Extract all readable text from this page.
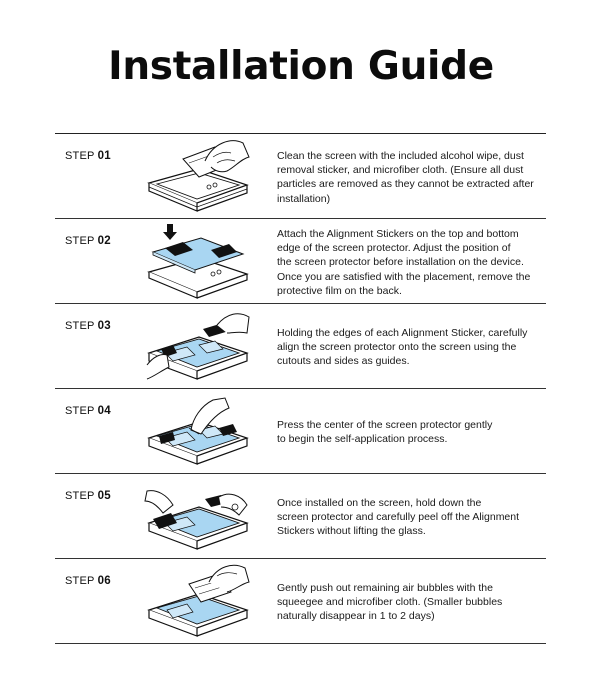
Installation Guide
STEP 01	Clean the screen with the included alcohol wipe, dust
removal sticker, and microfiber cloth. (Ensure all dust
particles are removed as they cannot be extracted after
installation)
STEP 02
Attach the Alignment Stickers on the top and bottom
edge of the screen protector. Adjust the position of
the screen protector before installation on the device.
Once you are satisfied with the placement, remove the
protective film on the back.
STEP 03
Holding the edges of each Alignment Sticker, carefully
align the screen protector onto the screen using the
cutouts and sides as guides.
STEP 04
Press the center of the screen protector gently
to begin the self-application process.
STEP 05
Once installed on the screen, hold down the
screen protector and carefully peel off the Alignment
Stickers without lifting the glass.
STEP 06
Gently push out remaining air bubbles with the
squeegee and microfiber cloth. (Smaller bubbles
naturally disappear in 1 to 2 days)
